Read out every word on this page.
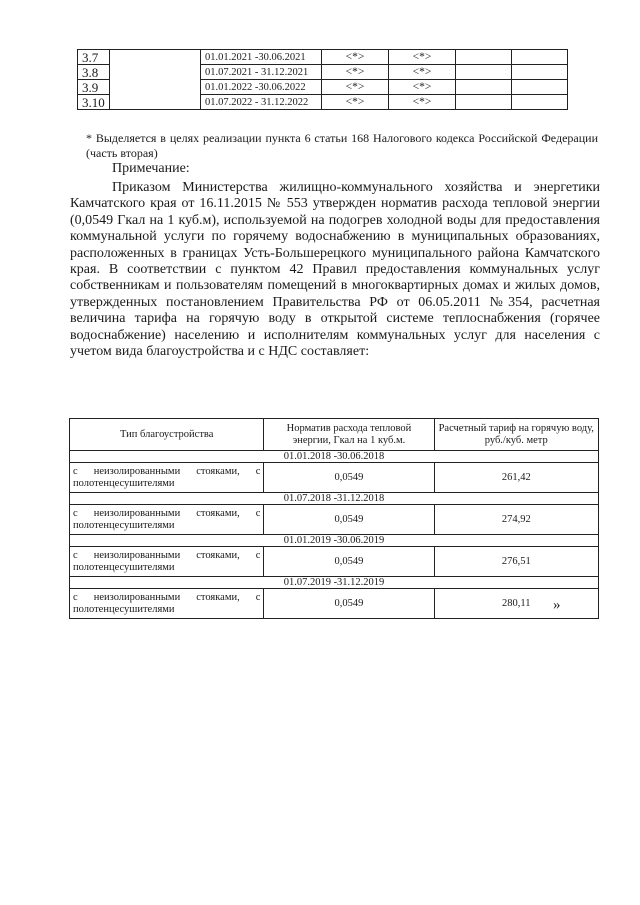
3.7		01.01.2021 -30.06.2021	<*>	<*>		
3.8		01.07.2021 - 31.12.2021	<*>	<*>		
3.9		01.01.2022 -30.06.2022	<*>	<*>		
3.10		01.07.2022 - 31.12.2022	<*>	<*>		
* Выделяется в целях реализации пункта 6 статьи 168 Налогового кодекса Российской Федерации (часть вторая)
Примечание:

Приказом Министерства жилищно-коммунального хозяйства и энергетики Камчатского края от 16.11.2015 № 553 утвержден норматив расхода тепловой энергии (0,0549 Гкал на 1 куб.м), используемой на подогрев холодной воды для предоставления коммунальной услуги по горячему водоснабжению в муниципальных образованиях, расположенных в границах Усть-Большерецкого муниципального района Камчатского края. В соответствии с пунктом 42 Правил предоставления коммунальных услуг собственникам и пользователям помещений в многоквартирных домах и жилых домов, утвержденных постановлением Правительства РФ от 06.05.2011 №354, расчетная величина тарифа на горячую воду в открытой системе теплоснабжения (горячее водоснабжение) населению и исполнителям коммунальных услуг для населения с учетом вида благоустройства и с НДС составляет:

Тип благоустройства	Норматив расхода тепловой энергии, Гкал на 1 куб.м.	Расчетный тариф на горячую воду, руб./куб. метр
01.01.2018 -30.06.2018		
с неизолированными стояками, с полотенцесушителями	0,0549	261,42
01.07.2018 -31.12.2018		
с неизолированными стояками, с полотенцесушителями	0,0549	274,92
01.01.2019 -30.06.2019		
с неизолированными стояками, с полотенцесушителями	0,0549	276,51
01.07.2019 -31.12.2019		
с неизолированными стояками, с полотенцесушителями	0,0549	280,11 »
